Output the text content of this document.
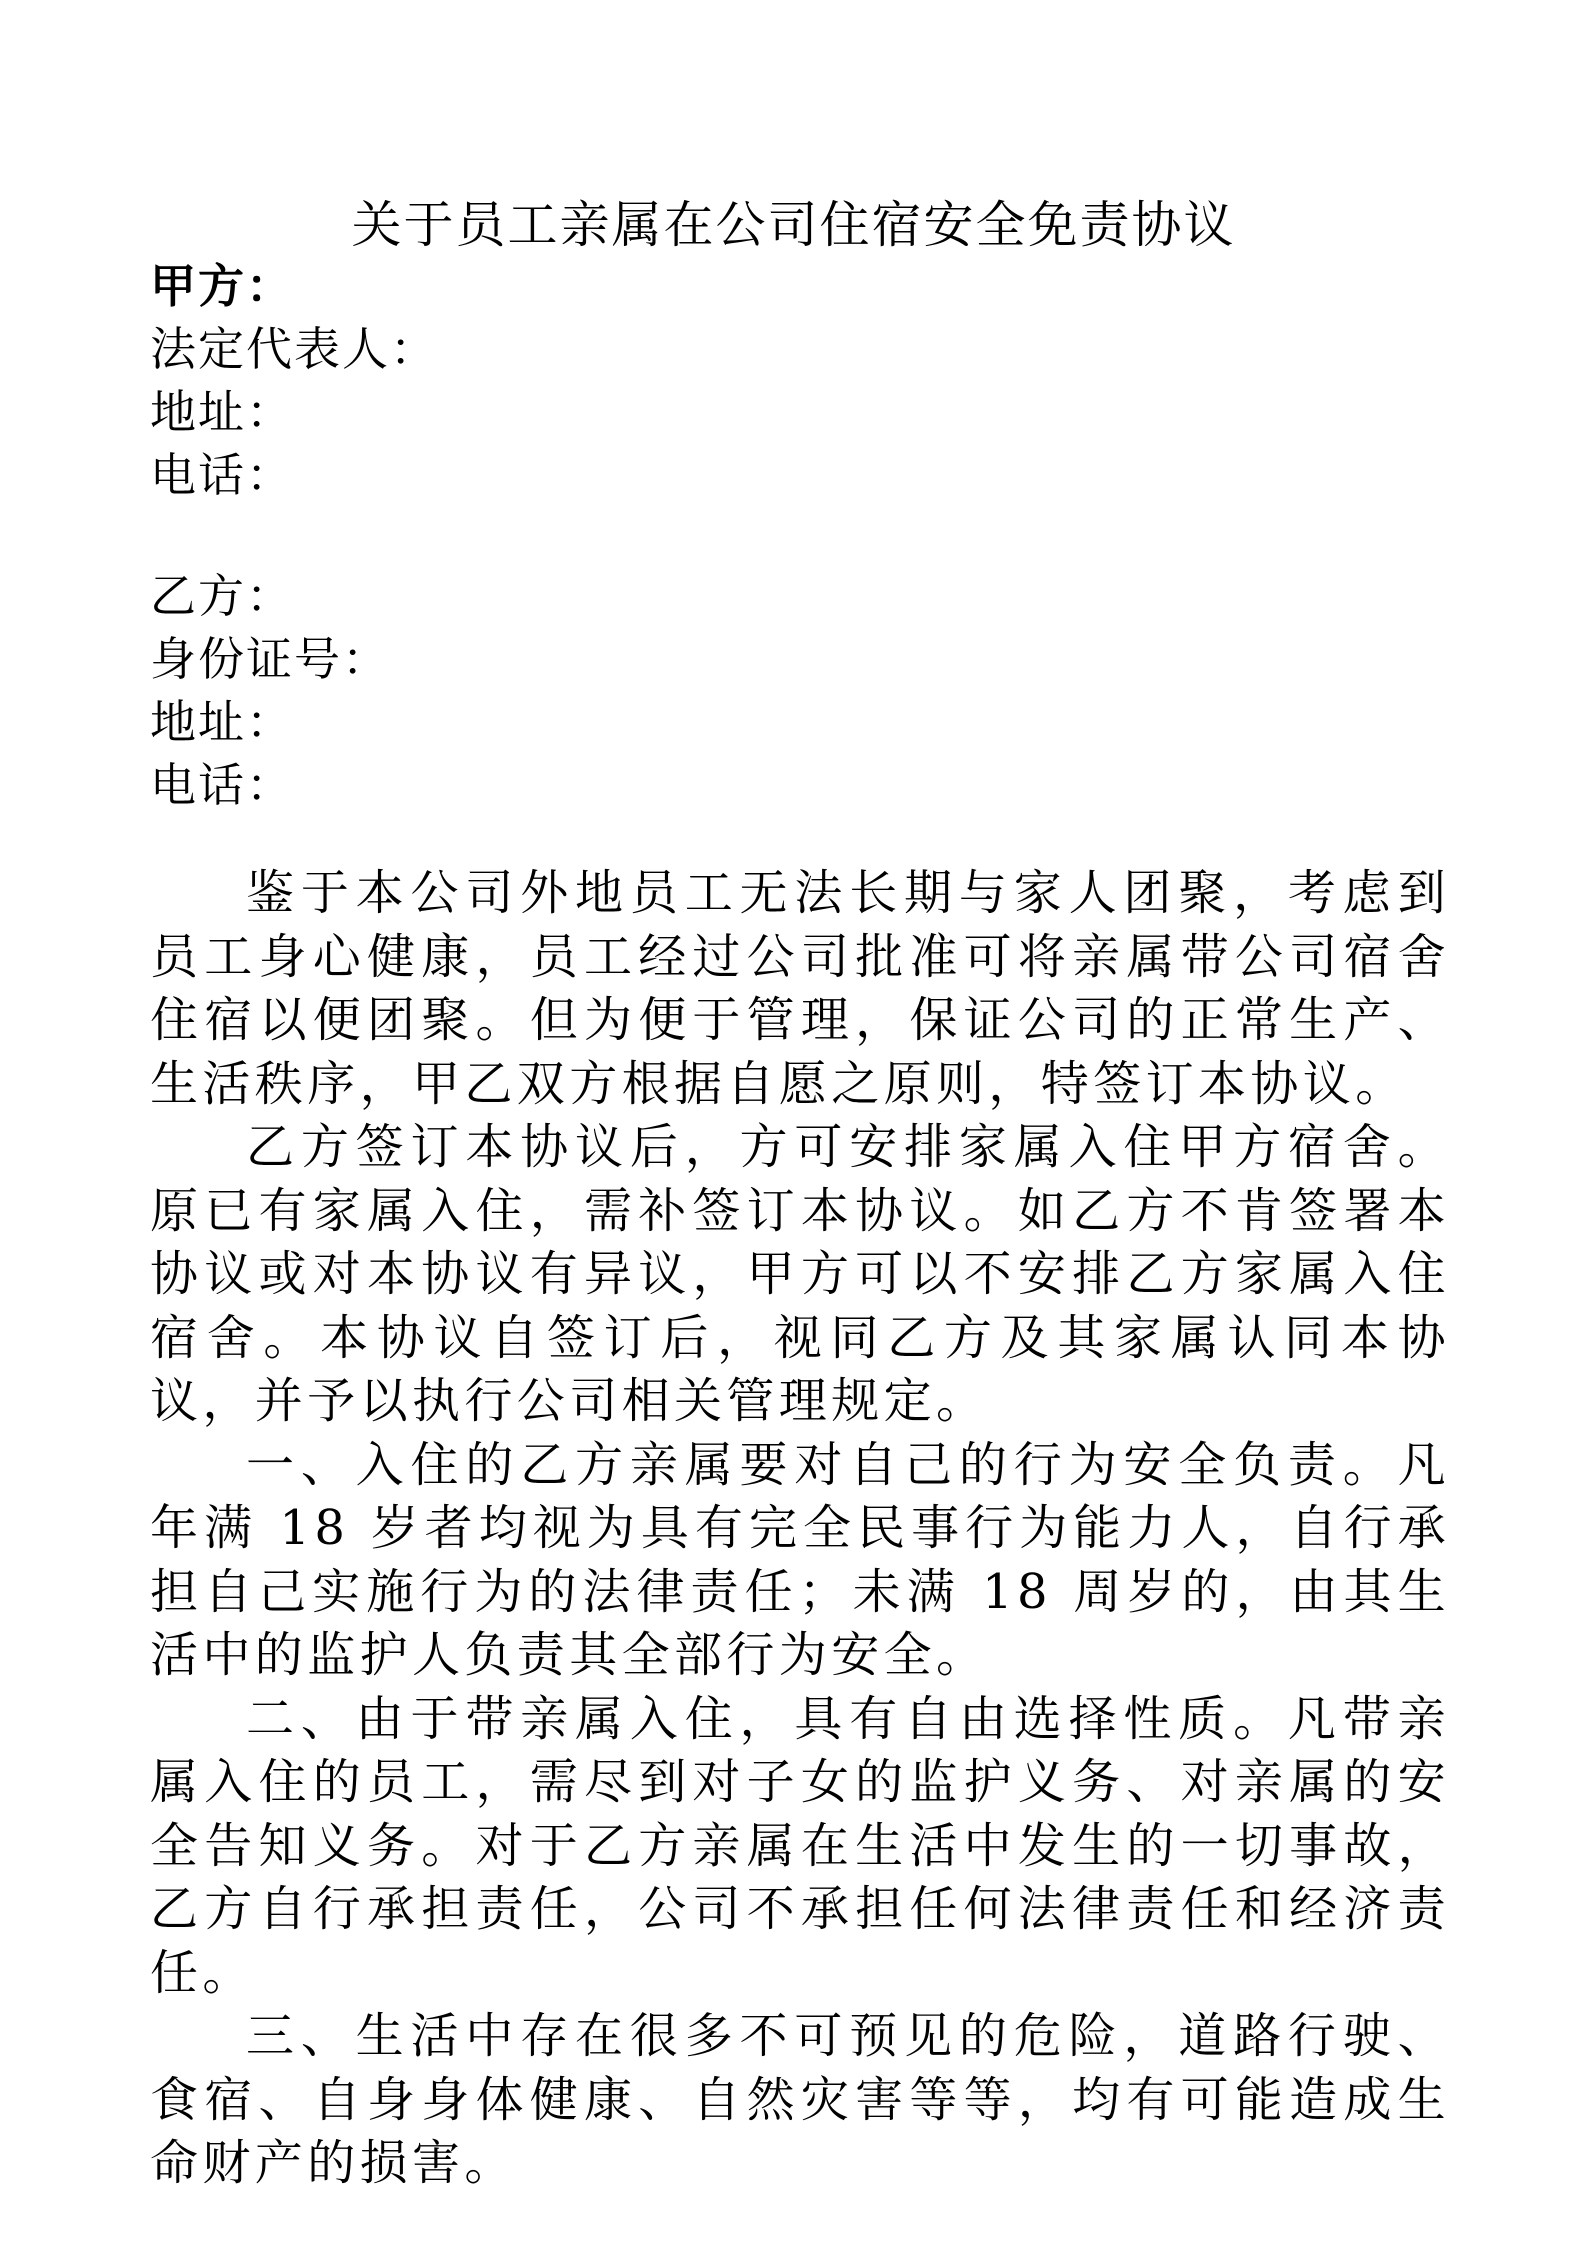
关于员工亲属在公司住宿安全免责协议
甲方：
法定代表人：
地址：
电话：
乙方：
身份证号：
地址：
电话：

鉴于本公司外地员工无法长期与家人团聚，考虑到员工身心健康，员工经过公司批准可将亲属带公司宿舍住宿以便团聚。但为便于管理，保证公司的正常生产、生活秩序，甲乙双方根据自愿之原则，特签订本协议。

乙方签订本协议后，方可安排家属入住甲方宿舍。原已有家属入住，需补签订本协议。如乙方不肯签署本协议或对本协议有异议，甲方可以不安排乙方家属入住宿舍。本协议自签订后，视同乙方及其家属认同本协议，并予以执行公司相关管理规定。

一、入住的乙方亲属要对自己的行为安全负责。凡年满 18 岁者均视为具有完全民事行为能力人，自行承担自己实施行为的法律责任；未满 18 周岁的，由其生活中的监护人负责其全部行为安全。

二、由于带亲属入住，具有自由选择性质。凡带亲属入住的员工，需尽到对子女的监护义务、对亲属的安全告知义务。对于乙方亲属在生活中发生的一切事故，乙方自行承担责任，公司不承担任何法律责任和经济责任。

三、生活中存在很多不可预见的危险，道路行驶、食宿、自身身体健康、自然灾害等等，均有可能造成生命财产的损害。
